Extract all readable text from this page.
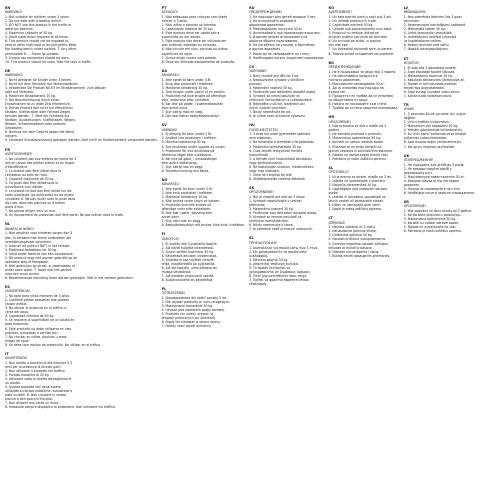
EN
WARNING!
1. Not suitable for children under 3 years.
2. Do not walk with a loading bench.
3. DO NOT use this product in the traffic or
water/on beaches.
4. Maximum capacity of 30 kg.
5. Adult supervision required at all times.
6. This product should not be exposed to
heat or other high-heat or bicycle paths. Keep
the loading bench under surface. 7. Any other
permissible 8. ... Stand up outdoor.
9. Unique use equipment should be worn.
10. This product should be used. Take the toys in traffic.
DE
WARNUNG!
1. Nicht geeignet für Kinder unter 3 Jahren.
2. Nicht mit dem Fahrbank auf Verkehrsplätzen.
3. Verwenden Sie Produkt NICHT im Straßenverkehr, zum Wasser
oder auf Stränden.
4. Maximale Belastbarkeit 30 kg.
5. Die Beaufsichtigung durch einen
Erwachsenen ist zu jeder Zeit erforderlich.
6. Dieses Produkt darf nicht auf öffentlichen
Straßen, Kraftstraßen oder Fahrrad wegen
benutzt werden. 7. Wird der Fahrbank auf
Straßen, Ausstellungen. Kraftstraßen, Wegen,
Wiesen, Schwimmbädern oder anderen
Gewässern.
8. Niemals mit dem Gesicht gegen die Wand
steuern.
9. Lenkbare Schutzausrüstung getragen werden. Darf nicht im Straßenverkehr verwendet werden.
FR
AVERTISSEMENT!
1. Ne convient pas aux enfants de moins de 3
ans en raison des petites pièces et du risque
d'étouffement.
2. Le produit doit être utilisé dans la
circulation ou près de l'eau.
3. Capacité maximale de 30 kg.
4. Ce jouet doit être utilisé sous la
surveillance d'un adulte.
5. Le produit ne doit pas être utilisé sur les
voies publiques, les autoroutes ou les pistes
cyclables. 6. Ne pas rouler avec le jouet dans
les rues, dans des piscines ou d'autres
plans d'eau.
7. Ne jamais diriger vers un mur.
8. Un équipement de protection doit être porté. Ne pas utiliser dans le trafic.
NL
WAARSCHUWING!
1. Niet geschikt voor kinderen jonger dan 3
jaar, in verband met kleine onderdelen die
verstikkingsgevaar opleveren.
2. Gebruik dit product NIET in het verkeer.
3. Maximaal belastbaar tot 30 kg.
4. Altijd onder toezicht van een volwassene.
5. Dit product mag niet worden gebruikt op de
openbare weg of fietspaden.
6. Niet gebruiken op straat, in zwembaden of
ander open water. 7. Nooit met het gezicht
naar een muur sturen.
8. Beschermende uitrusting moet worden gedragen. Niet in het verkeer gebruiken.
ES
¡ADVERTENCIA!
1. No apto para niños menores de 3 años.
2. Contiene piezas pequeñas que pueden
causar asfixia.
3. No utilizar el producto en el tráfico ni
cerca del agua.
4. Capacidad máxima de 30 kg.
5. Se requiere la supervisión de un adulto en
todo momento.
6. Este producto no debe utilizarse en vías
públicas, autopistas o carriles bici.
7. No circular en calles, piscinas u otras
masas de agua.
8. Se debe usar equipo de protección. No utilizar en el tráfico.
IT
AVVERTENZA!
1. Non adatto a bambini di età inferiore a 3
anni per la presenza di piccole parti.
2. Non utilizzare il prodotto nel traffico.
3. Portata massima di 30 kg.
4. Utilizzare sotto la diretta sorveglianza di
un adulto.
5. Questo prodotto non deve essere
utilizzato su strade pubbliche, autostrade o
piste ciclabili. 6. Non circolare in strade,
piscine o altri specchi d'acqua.
7. Non dirigere mai verso un muro.
8. Indossare sempre dispositivi di protezione. Non utilizzare nel traffico.
PT
ATENÇÃO!
1. Não adequado para crianças com idade
inferior a 3 anos.
2. Não utilize o produto no trânsito.
3. Capacidade máxima de 30 kg.
4. Este produto deve ser usado sob a
supervisão de um adulto.
5. Este produto não deve ser utilizado em
vias públicas, estradas ou ciclovias.
6. Não circular em ruas, piscinas ou outras
superfícies de água.
7. Nunca dirigir contra uma parede.
8. Deve ser utilizado equipamento de proteção.
DA
ADVARSEL!
1. Ikke egnet til børn under 3 år.
2. Brug ikke produktet i trafikken.
3. Maksimal belastning 30 kg.
4. Skal bruges under opsyn af en voksen.
5. Produktet må ikke bruges på offentlige
veje, motorveje eller cykelstier.
6. Kør ikke på gader, i svømmebassiner
eller andet vand.
7. Styr aldrig mod en væg.
8. Der skal bæres beskyttelsesudstyr.
SV
VARNING!
1. Ej lämplig för barn under 3 år.
2. Använd inte produkten i trafiken.
3. Maximal belastning 30 kg.
4. Ska användas under uppsikt av vuxen.
5. Produkten får inte användas på
allmänna vägar eller cykelbanor.
6. Kör inte på gator, i simbassänger
eller andra vattendrag.
7. Styr aldrig mot en vägg.
8. Skyddsutrustning ska bäras.
NO
ADVARSEL!
1. Ikke egnet for barn under 3 år.
2. Ikke bruk produktet i trafikken.
3. Maksimal belastning 30 kg.
4. Skal brukes under tilsyn av voksen.
5. Produktet skal ikke brukes på
offentlige veier eller sykkelstier.
6. Ikke kjør i gater, basseng eller
annet vann.
7. Styr aldri mot en vegg.
8. Beskyttelsesutstyr må brukes. Ikke bruk i trafikken.
FI
VAROITUS!
1. Ei sovellu alle 3-vuotiaille lapsille.
2. Älä käytä tuotetta liikenteessä.
3. Suurin sallittu kuormitus 30 kg.
4. Käytettävä aikuisen valvonnassa.
5. Tuotetta ei saa käyttää yleisillä
teillä, moottoriteillä tai pyöräteillä.
6. Älä aja kaduilla, uima-altaissa tai
muissa vesistöissä.
7. Älä koskaan ohjaa kohti seinää.
8. Suojavarusteita on käytettävä.
PL
OSTRZEŻENIE!
1. Nieodpowiednie dla dzieci poniżej 3 lat.
2. Nie używać produktu w ruchu drogowym.
3. Maksymalne obciążenie 30 kg.
4. Używać pod nadzorem osoby dorosłej.
5. Produktu nie należy używać na
drogach publicznych ani ścieżkach.
6. Nigdy nie kierować w stronę ściany.
7. Należy nosić sprzęt ochronny.
RU
ПРЕДУПРЕЖДЕНИЕ!
1. Не подходит для детей младше 3 лет.
2. Не используйте изделие в
дорожном движении.
3. Максимальная нагрузка 30 кг.
4. Использовать под присмотром взрослых.
5. Изделие нельзя использовать на
дорогах общего пользования.
6. Не катайтесь по улицам, в бассейнах
и других водоёмах.
7. Никогда не направляйте на стену.
8. Необходимо носить защитное снаряжение.
CS
VAROVÁNÍ!
1. Není vhodné pro děti do 3 let.
2. Nepoužívejte výrobek v silničním
provozu.
3. Maximální nosnost 30 kg.
4. Používejte pod dohledem dospělé osoby.
5. Výrobek se nesmí používat na
veřejných komunikacích a cyklostezkách.
6. Nejezděte v ulicích, bazénech ani
jiných vodních plochách.
7. Nikdy nesměřujte ke zdi.
8. Je nutné nosit ochranné vybavení.
HU
FIGYELMEZTETÉS!
1. 3 éves kor alatti gyermekek számára
nem alkalmas.
2. Ne használja a terméket a forgalomban.
3. Maximális terhelhetőség 30 kg.
4. Csak felnőtt felügyelete mellett
használható.
5. A termék nem használható közutakon
vagy kerékpárutakon.
6. Ne közlekedjen utcákon, medencékben
vagy más vizekben.
7. Soha ne irányítsa fal felé.
8. Védőfelszerelés viselése kötelező.
SK
UPOZORNENIE!
1. Nie je vhodné pre deti do 3 rokov.
2. Výrobok nepoužívajte v cestnej
premávke.
3. Maximálna nosnosť 30 kg.
4. Používajte pod dohľadom dospelej osoby.
5. Výrobok sa nesmie používať na
verejných komunikáciách.
6. Nikdy nesmerujte k stene.
7. Je potrebné nosiť ochranné vybavenie.
EL
ΠΡΟΕΙΔΟΠΟΙΗΣΗ!
1. Ακατάλληλο για παιδιά κάτω των 3 ετών.
2. Μη χρησιμοποιείτε το προϊόν στην
κυκλοφορία.
3. Μέγιστο φορτίο 30 kg.
4. Απαιτείται επίβλεψη ενήλικα.
5. Το προϊόν δεν πρέπει να
χρησιμοποιείται σε δημόσιους δρόμους.
6. Ποτέ μην κατευθύνετε προς τοίχο.
7. Πρέπει να φοριέται προστατευτικός
εξοπλισμός.
RO
AVERTISMENT!
1. Nu este potrivit pentru copii sub 3 ani.
2. Nu utilizați produsul în trafic.
3. Capacitate maximă 30 kg.
4. Utilizați sub supravegherea unui adult.
5. Produsul nu trebuie utilizat pe
drumuri publice sau piste de biciclete.
6. Nu circulați pe străzi, în piscine
sau alte ape.
7. Nu îndreptați niciodată spre un perete.
8. Trebuie purtat echipament de protecție.
BG
ПРЕДУПРЕЖДЕНИЕ!
1. Не е подходящо за деца под 3 години.
2. Не използвайте продукта в
пътното движение.
3. Максимално натоварване 30 кг.
4. Да се използва под надзора на
възрастен.
5. Продуктът не трябва да се използва
по обществени пътища.
6. Никога не насочвайте към стена.
7. Трябва да се носи защитна екипировка.
HR
UPOZORENJE!
1. Nije prikladno za djecu mlađu od 3
godine.
2. Ne koristite proizvod u prometu.
3. Maksimalno opterećenje 30 kg.
4. Koristiti uz nadzor odrasle osobe.
5. Proizvod se ne smije koristiti na
javnim cestama ili biciklističkim stazama.
6. Nikada ne usmjeravajte prema zidu.
7. Potrebno je nositi zaštitnu opremu.
SL
OPOZORILO!
1. Ni primerno za otroke, mlajše od 3 let.
2. Izdelka ne uporabljajte v prometu.
3. Največja obremenitev 30 kg.
4. Uporabljajte pod nadzorom odrasle
osebe.
5. Izdelka ni dovoljeno uporabljati na
javnih cestah ali kolesarskih stezah.
6. Nikoli ne usmerjajte proti steni.
7. Nositi je treba zaščitno opremo.
LT
ĮSPĖJIMAS!
1. Netinka vaikams iki 3 metų.
2. Nenaudokite gaminio eisme.
3. Didžiausia apkrova 30 kg.
4. Naudoti prižiūrint suaugusiesiems.
5. Gaminio negalima naudoti viešuose
keliuose ar dviračių takuose.
6. Niekada nenukreipkite į sieną.
7. Būtina dėvėti apsaugines priemones.
LV
BRĪDINĀJUMS!
1. Nav piemērots bērniem līdz 3 gadu
vecumam.
2. Neizmantojiet izstrādājumu satiksmē.
3. Maksimālā slodze 30 kg.
4. Lietot pieaugušo uzraudzībā.
5. Izstrādājumu nedrīkst izmantot
uz koplietošanas ceļiem.
6. Nekad nevirziet pret sienu.
7. Jāvalkā aizsargaprīkojums.
ET
HOIATUS!
1. Ei sobi alla 3-aastastele lastele.
2. Ärge kasutage toodet liikluses.
3. Maksimaalne koormus 30 kg.
4. Kasutada täiskasvanu järelevalve all.
5. Toodet ei tohi kasutada avalikel
teedel ega jalgrattateedel.
6. Ärge kunagi suunake vastu seina.
7. Kanda tuleb kaitsevarustust.
TR
UYARI!
1. 3 yaşından küçük çocuklar için uygun
değildir.
2. Ürünü trafikte kullanmayın.
3. Maksimum yük kapasitesi 30 kg.
4. Yetişkin gözetiminde kullanılmalıdır.
5. Bu ürün kamu yollarında veya bisiklet
yollarında kullanılmamalıdır.
6. Asla duvara doğru yönlendirmeyin.
7. Koruyucu ekipman giyilmelidir.
UK
ПОПЕРЕДЖЕННЯ!
1. Не підходить для дітей до 3 років.
2. Не використовуйте виріб у
дорожньому русі.
3. Максимальне навантаження 30 кг.
4. Використовувати під наглядом
дорослих.
5. Ніколи не спрямовуйте на стіну.
6. Необхідно носити захисне спорядження.
SR
UPOZORENJE!
1. Nije pogodno za decu mlađu od 3 godine.
2. Ne koristite proizvod u saobraćaju.
3. Maksimalno opterećenje 30 kg.
4. Koristiti uz nadzor odrasle osobe.
5. Nikada ne usmeravajte ka zidu.
6. Potrebno je nositi zaštitnu opremu.
